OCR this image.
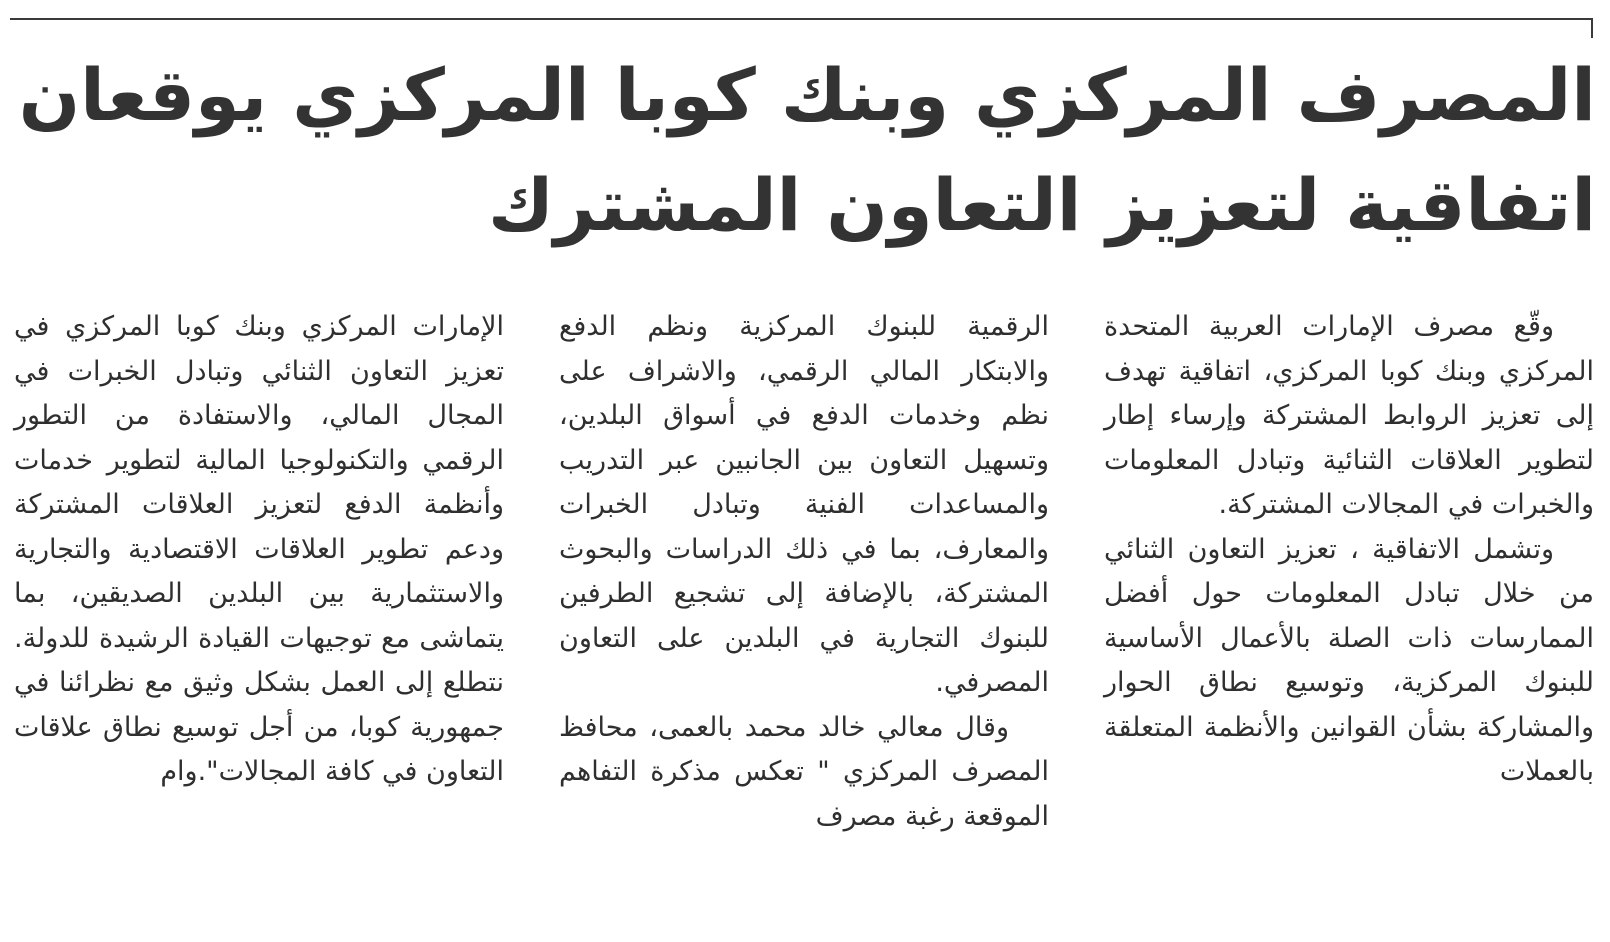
المصرف المركزي وبنك كوبا المركزي يوقعان
اتفاقية لتعزيز التعاون المشترك

وقّع مصرف الإمارات العربية المتحدة المركزي وبنك كوبا المركزي، اتفاقية تهدف إلى تعزيز الروابط المشتركة وإرساء إطار لتطوير العلاقات الثنائية وتبادل المعلومات والخبرات في المجالات المشتركة.

وتشمل الاتفاقية ، تعزيز التعاون الثنائي من خلال تبادل المعلومات حول أفضل الممارسات ذات الصلة بالأعمال الأساسية للبنوك المركزية، وتوسيع نطاق الحوار والمشاركة بشأن القوانين والأنظمة المتعلقة بالعملات

الرقمية للبنوك المركزية ونظم الدفع والابتكار المالي الرقمي، والاشراف على نظم وخدمات الدفع في أسواق البلدين، وتسهيل التعاون بين الجانبين عبر التدريب والمساعدات الفنية وتبادل الخبرات والمعارف، بما في ذلك الدراسات والبحوث المشتركة، بالإضافة إلى تشجيع الطرفين للبنوك التجارية في البلدين على التعاون المصرفي.

وقال معالي خالد محمد بالعمى، محافظ المصرف المركزي " تعكس مذكرة التفاهم الموقعة رغبة مصرف

الإمارات المركزي وبنك كوبا المركزي في تعزيز التعاون الثنائي وتبادل الخبرات في المجال المالي، والاستفادة من التطور الرقمي والتكنولوجيا المالية لتطوير خدمات وأنظمة الدفع لتعزيز العلاقات المشتركة ودعم تطوير العلاقات الاقتصادية والتجارية والاستثمارية بين البلدين الصديقين، بما يتماشى مع توجيهات القيادة الرشيدة للدولة. نتطلع إلى العمل بشكل وثيق مع نظرائنا في جمهورية كوبا، من أجل توسيع نطاق علاقات التعاون في كافة المجالات".وام
